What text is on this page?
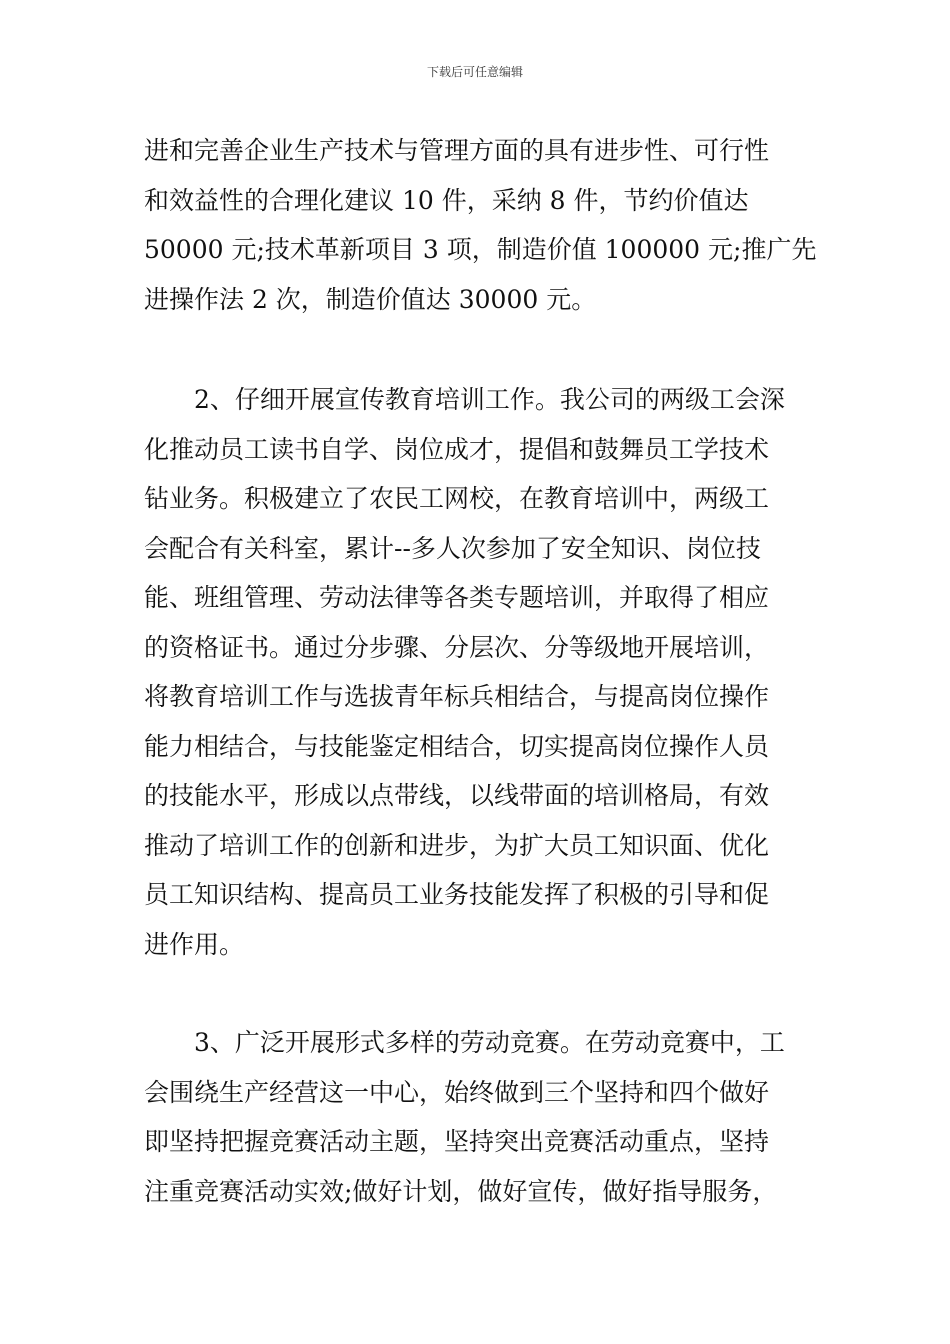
下载后可任意编辑
进和完善企业生产技术与管理方面的具有进步性、可行性
和效益性的合理化建议 10 件，采纳 8 件，节约价值达
50000 元;技术革新项目 3 项，制造价值 100000 元;推广先
进操作法 2 次，制造价值达 30000 元。
2、仔细开展宣传教育培训工作。我公司的两级工会深
化推动员工读书自学、岗位成才，提倡和鼓舞员工学技术
钻业务。积极建立了农民工网校，在教育培训中，两级工
会配合有关科室，累计--多人次参加了安全知识、岗位技
能、班组管理、劳动法律等各类专题培训，并取得了相应
的资格证书。通过分步骤、分层次、分等级地开展培训，
将教育培训工作与选拔青年标兵相结合，与提高岗位操作
能力相结合，与技能鉴定相结合，切实提高岗位操作人员
的技能水平，形成以点带线，以线带面的培训格局，有效
推动了培训工作的创新和进步，为扩大员工知识面、优化
员工知识结构、提高员工业务技能发挥了积极的引导和促
进作用。
3、广泛开展形式多样的劳动竞赛。在劳动竞赛中，工
会围绕生产经营这一中心，始终做到三个坚持和四个做好
即坚持把握竞赛活动主题，坚持突出竞赛活动重点，坚持
注重竞赛活动实效;做好计划，做好宣传，做好指导服务，
